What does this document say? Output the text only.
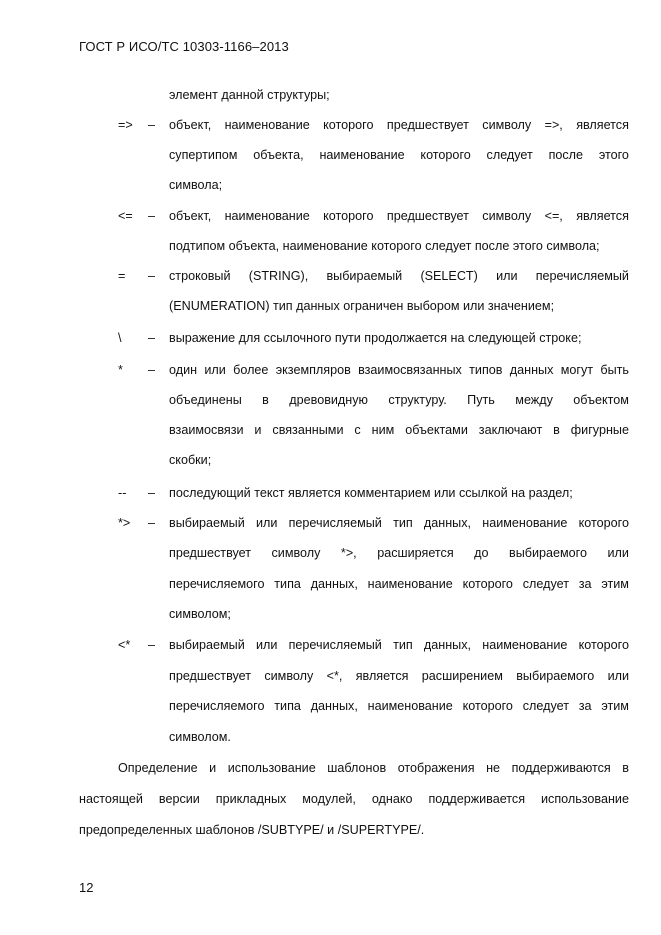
ГОСТ Р ИСО/ТС 10303-1166–2013
элемент данной структуры;
=> – объект, наименование которого предшествует символу =>, является
супертипом объекта, наименование которого следует после этого
символа;
<= – объект, наименование которого предшествует символу <=, является
подтипом объекта, наименование которого следует после этого символа;
= – строковый (STRING), выбираемый (SELECT) или перечисляемый
(ENUMERATION) тип данных ограничен выбором или значением;
\ – выражение для ссылочного пути продолжается на следующей строке;
* – один или более экземпляров взаимосвязанных типов данных могут быть
объединены в древовидную структуру. Путь между объектом
взаимосвязи и связанными с ним объектами заключают в фигурные
скобки;
-- – последующий текст является комментарием или ссылкой на раздел;
*> – выбираемый или перечисляемый тип данных, наименование которого
предшествует символу *>, расширяется до выбираемого или
перечисляемого типа данных, наименование которого следует за этим
символом;
<* – выбираемый или перечисляемый тип данных, наименование которого
предшествует символу <*, является расширением выбираемого или
перечисляемого типа данных, наименование которого следует за этим
символом.
Определение и использование шаблонов отображения не поддерживаются в
настоящей версии прикладных модулей, однако поддерживается использование
предопределенных шаблонов /SUBTYPE/ и /SUPERTYPE/.
12
